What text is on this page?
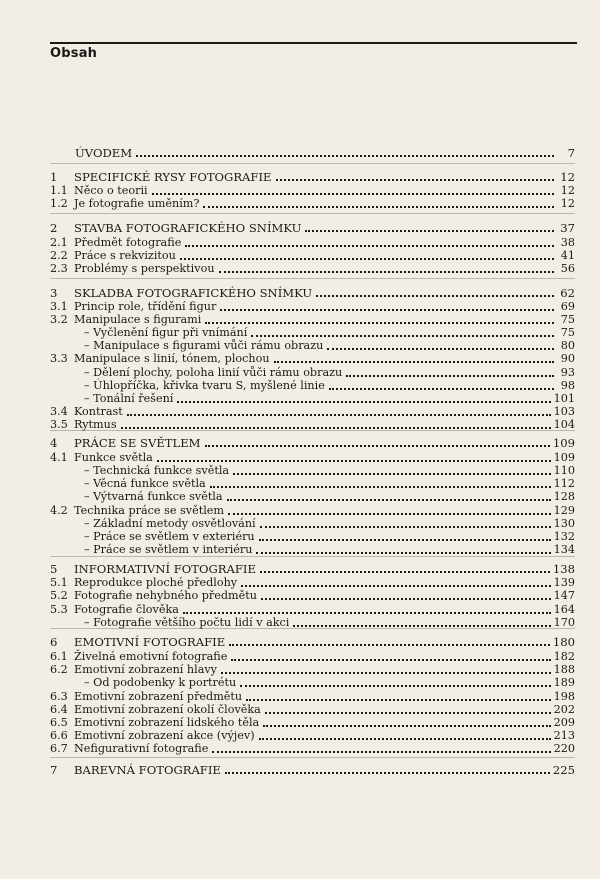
Obsah
ÚVODEM	7
1	SPECIFICKÉ RYSY FOTOGRAFIE	12
1.1 Něco o teorii	12
1.2 Je fotografie uměním?	12
2	STAVBA FOTOGRAFICKÉHO SNÍMKU	37
2.1 Předmět fotografie	38
2.2 Práce s rekvizitou	41
2.3 Problémy s perspektivou	56
3	SKLADBA FOTOGRAFICKÉHO SNÍMKU	62
3.1 Princip role, třídění figur	69
3.2 Manipulace s figurami	75
– Vyčlenění figur při vnímání	75
– Manipulace s figurami vůči rámu obrazu	80
3.3 Manipulace s linií, tónem, plochou	90
– Dělení plochy, poloha linií vůči rámu obrazu	93
– Úhlopříčka, křivka tvaru S, myšlené linie	98
– Tonální řešení	101
3.4 Kontrast	103
3.5 Rytmus	104
4	PRÁCE SE SVĚTLEM	109
4.1 Funkce světla	109
– Technická funkce světla	110
– Věcná funkce světla	112
– Výtvarná funkce světla	128
4.2 Technika práce se světlem	129
– Základní metody osvětlování	130
– Práce se světlem v exteriéru	132
– Práce se světlem v interiéru	134
5	INFORMATIVNÍ FOTOGRAFIE	138
5.1 Reprodukce ploché předlohy	139
5.2 Fotografie nehybného předmětu	147
5.3 Fotografie člověka	164
– Fotografie většího počtu lidí v akci	170
6	EMOTIVNÍ FOTOGRAFIE	180
6.1 Živelná emotivní fotografie	182
6.2 Emotivní zobrazení hlavy	188
– Od podobenky k portrétu	189
6.3 Emotivní zobrazení předmětu	198
6.4 Emotivní zobrazení okolí člověka	202
6.5 Emotivní zobrazení lidského těla	209
6.6 Emotivní zobrazení akce (výjev)	213
6.7 Nefigurativní fotografie	220
7	BAREVNÁ FOTOGRAFIE	225
